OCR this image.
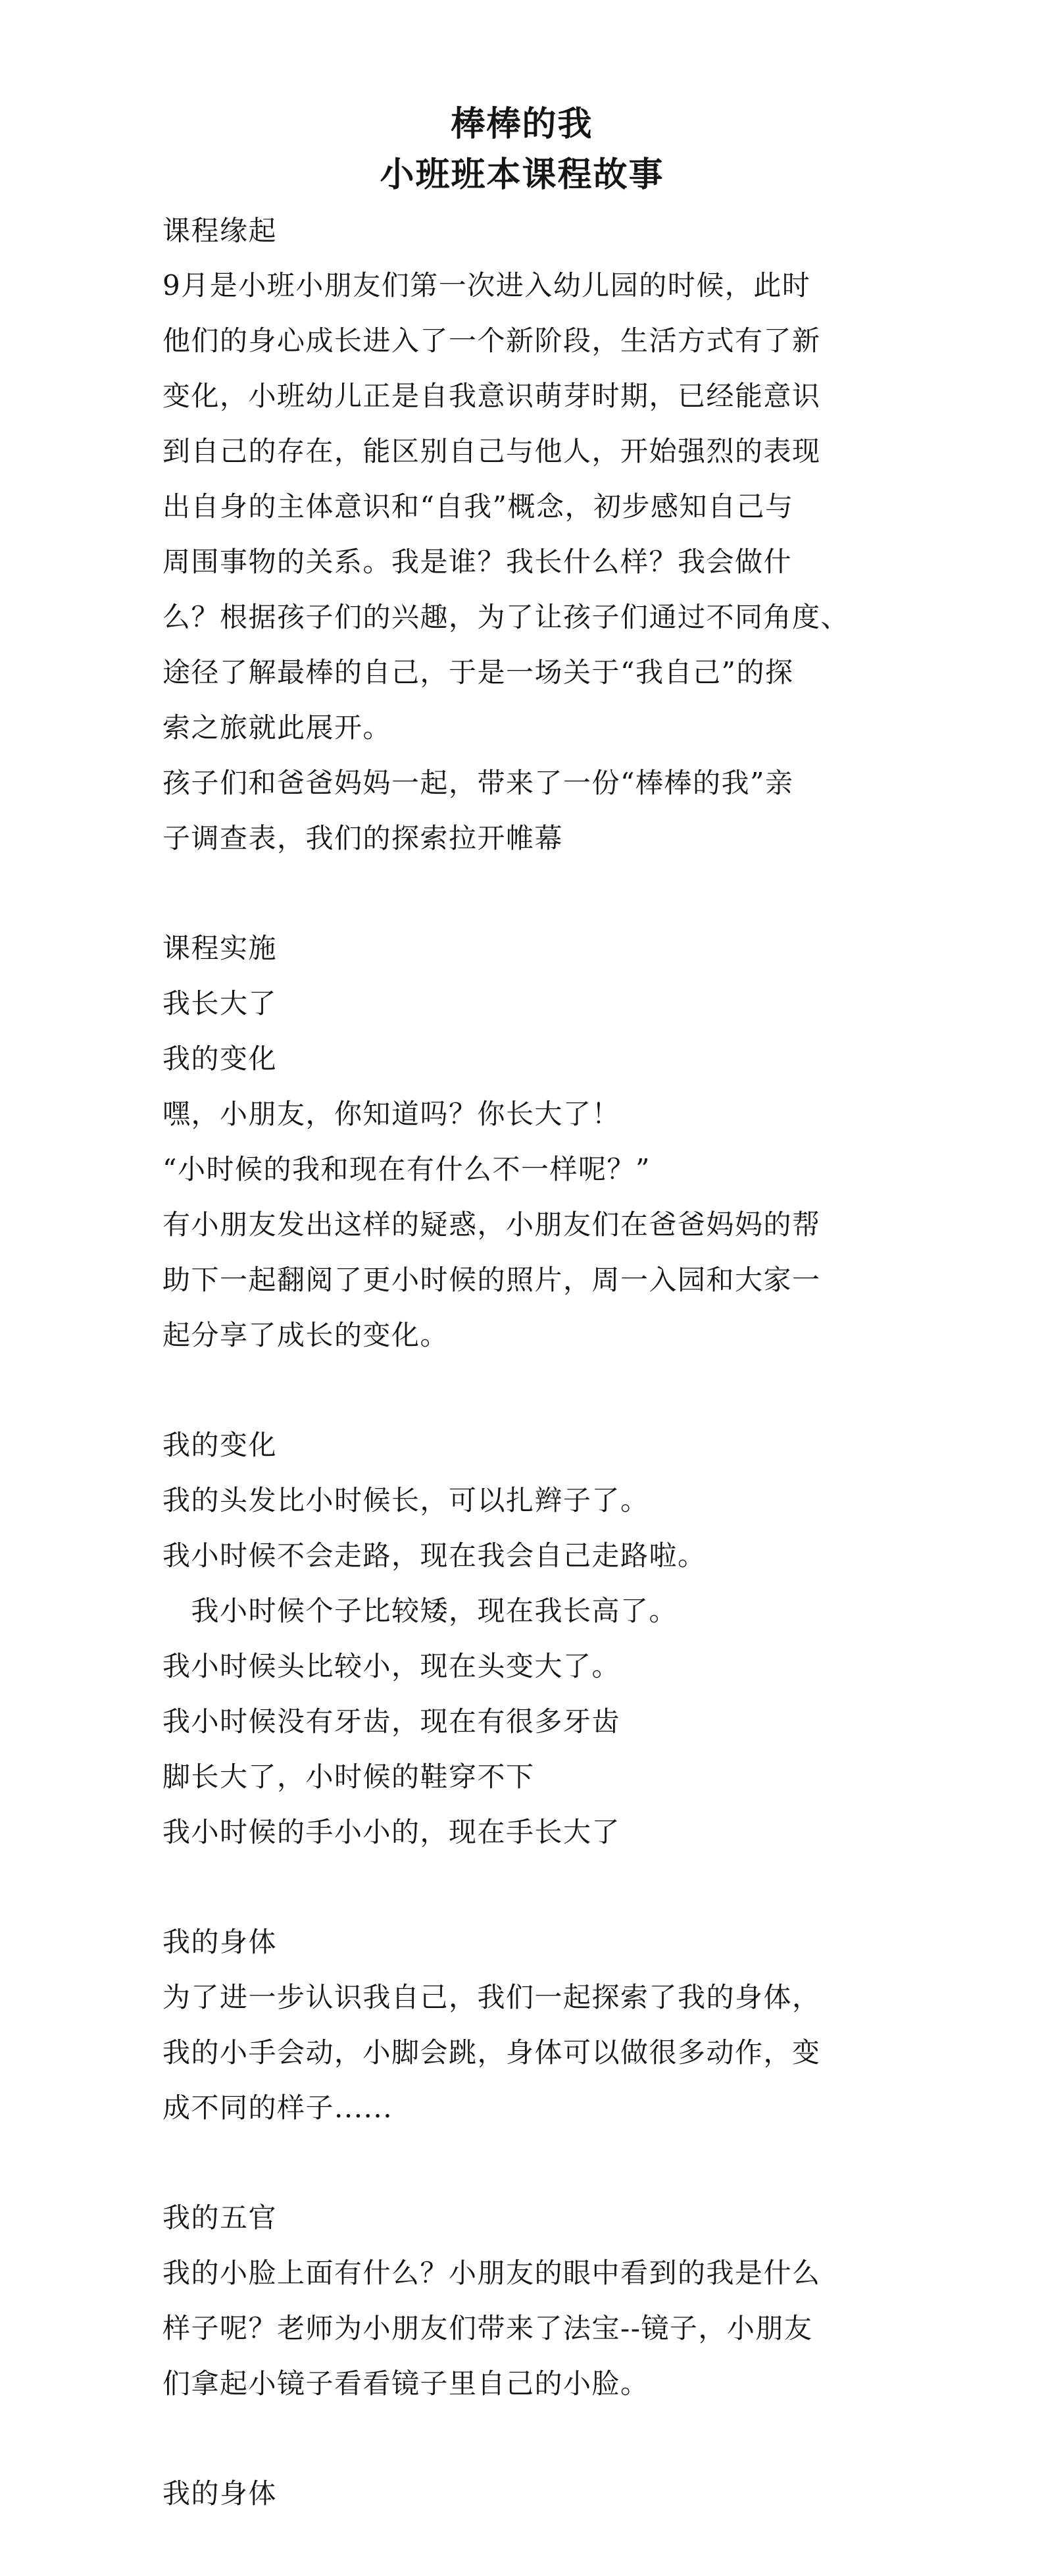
棒棒的我
小班班本课程故事
课程缘起
9月是小班小朋友们第一次进入幼儿园的时候，此时
他们的身心成长进入了一个新阶段，生活方式有了新
变化，小班幼儿正是自我意识萌芽时期，已经能意识
到自己的存在，能区别自己与他人，开始强烈的表现
出自身的主体意识和“自我”概念，初步感知自己与
周围事物的关系。我是谁？我长什么样？我会做什
么？根据孩子们的兴趣，为了让孩子们通过不同角度、
途径了解最棒的自己，于是一场关于“我自己”的探
索之旅就此展开。
孩子们和爸爸妈妈一起，带来了一份“棒棒的我”亲
子调查表，我们的探索拉开帷幕
课程实施
我长大了
我的变化
嘿，小朋友，你知道吗？你长大了！
“小时候的我和现在有什么不一样呢？”
有小朋友发出这样的疑惑，小朋友们在爸爸妈妈的帮
助下一起翻阅了更小时候的照片，周一入园和大家一
起分享了成长的变化。
我的变化
我的头发比小时候长，可以扎辫子了。
我小时候不会走路，现在我会自己走路啦。
　我小时候个子比较矮，现在我长高了。
我小时候头比较小，现在头变大了。
我小时候没有牙齿，现在有很多牙齿
脚长大了，小时候的鞋穿不下
我小时候的手小小的，现在手长大了
我的身体
为了进一步认识我自己，我们一起探索了我的身体，
我的小手会动，小脚会跳，身体可以做很多动作，变
成不同的样子......
我的五官
我的小脸上面有什么？小朋友的眼中看到的我是什么
样子呢？老师为小朋友们带来了法宝--镜子，小朋友
们拿起小镜子看看镜子里自己的小脸。
我的身体
